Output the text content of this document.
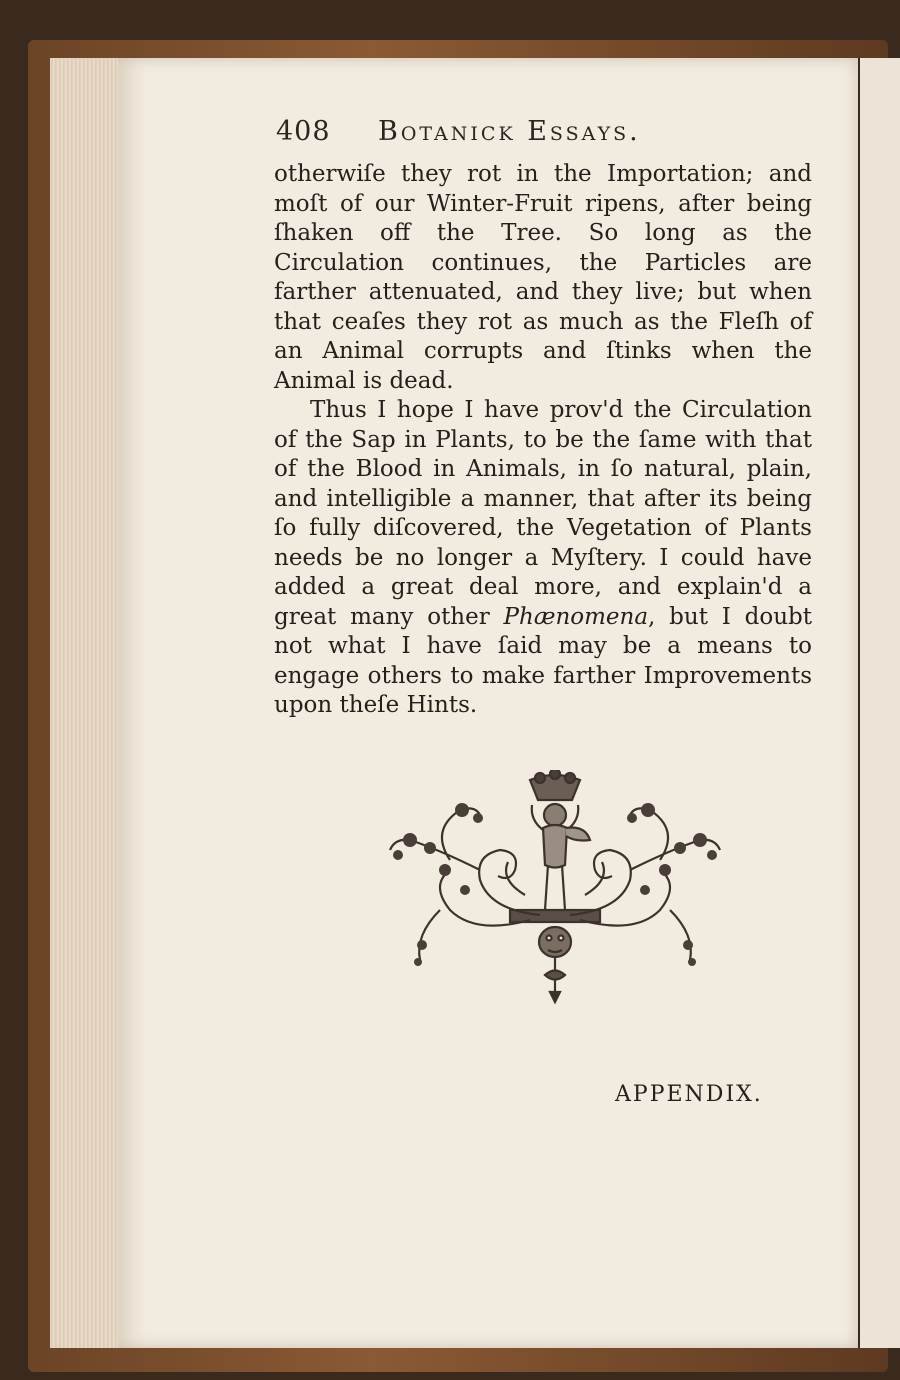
408 Botanick Essays.

otherwiſe they rot in the Importation; and moſt of our Winter-Fruit ripens, after being ſhaken off the Tree. So long as the Circulation continues, the Particles are farther attenuated, and they live; but when that ceaſes they rot as much as the Fleſh of an Animal corrupts and ſtinks when the Animal is dead.

Thus I hope I have prov'd the Circulation of the Sap in Plants, to be the ſame with that of the Blood in Animals, in ſo natural, plain, and intelligible a manner, that after its being ſo fully diſcovered, the Vegetation of Plants needs be no longer a Myſtery. I could have added a great deal more, and explain'd a great many other Phænomena, but I doubt not what I have ſaid may be a means to engage others to make farther Improvements upon theſe Hints.

APPENDIX.
